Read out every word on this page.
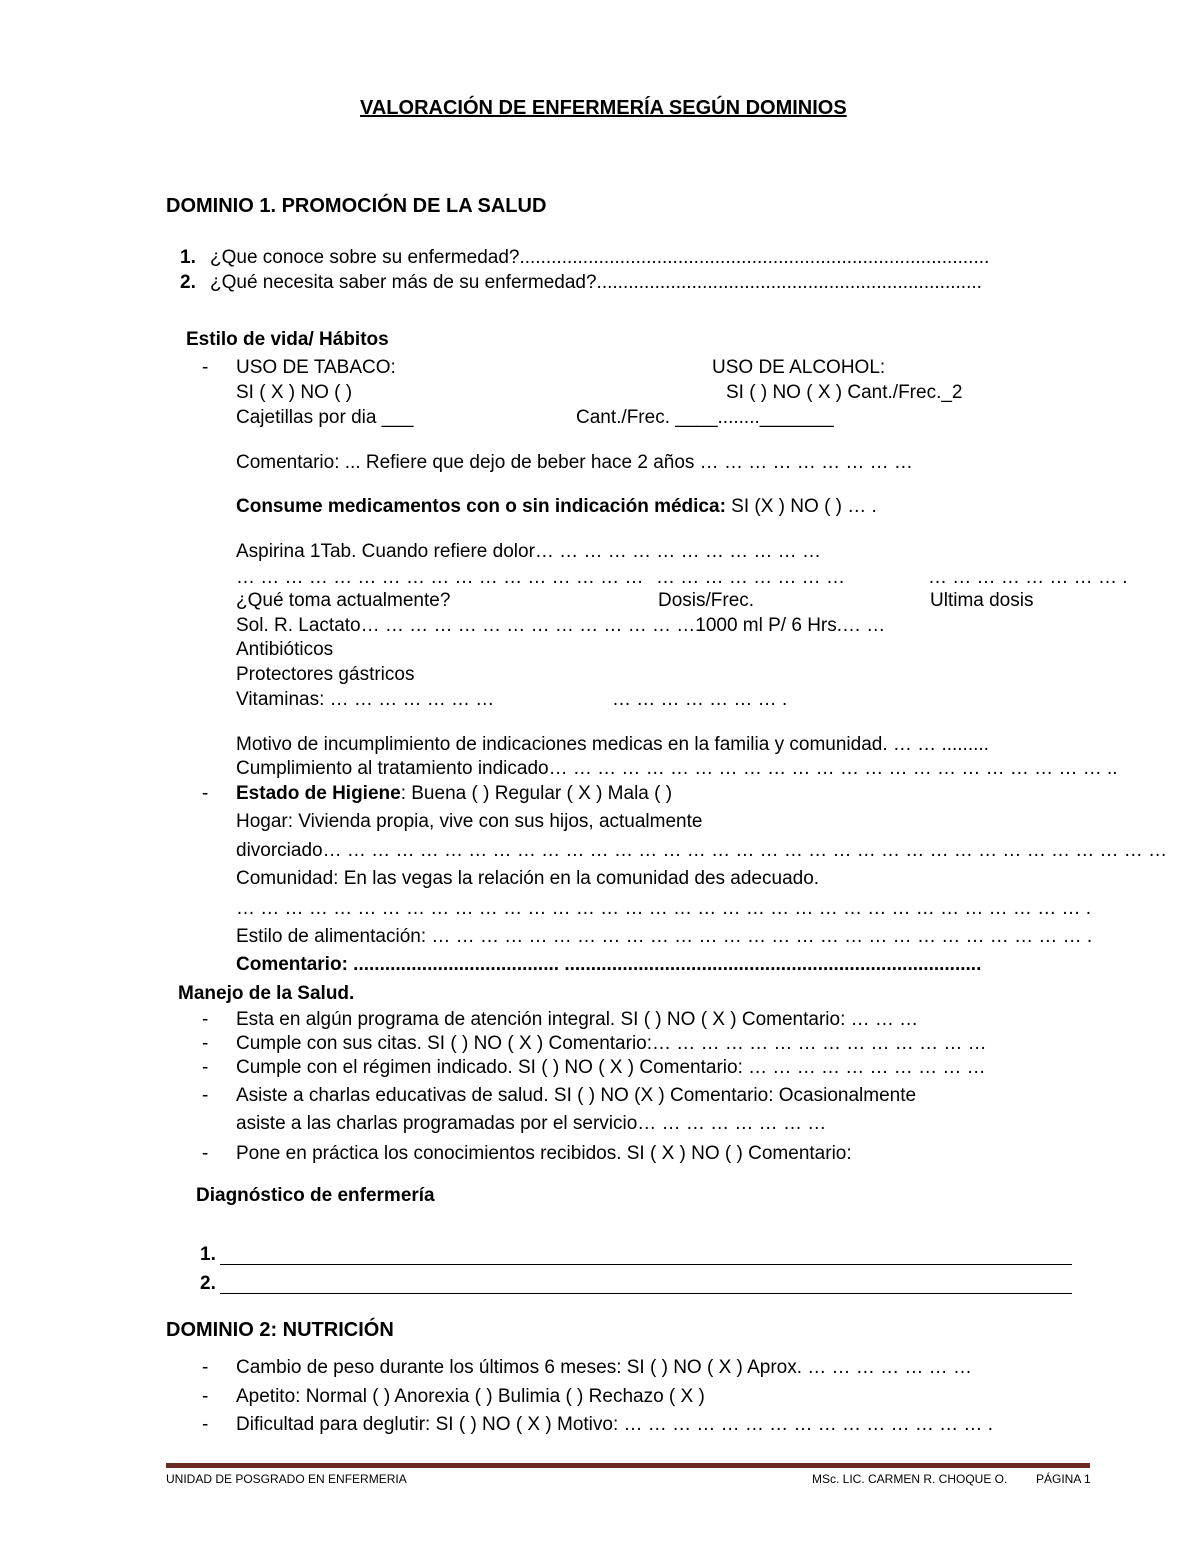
VALORACIÓN DE ENFERMERÍA SEGÚN DOMINIOS
DOMINIO 1. PROMOCIÓN DE LA SALUD
1. ¿Que conoce sobre su enfermedad?.........................................................................................
2. ¿Qué necesita saber más de su enfermedad?.........................................................................
Estilo de vida/ Hábitos
- USO DE TABACO:	USO DE ALCOHOL:
SI ( X ) NO ( )	SI ( ) NO ( X ) Cant./Frec._2
Cajetillas por dia ___	Cant./Frec. ____........_______
Comentario: ... Refiere que dejo de beber hace 2 años … … … … … … … … …
Consume medicamentos con o sin indicación médica: SI (X ) NO ( ) … .
Aspirina 1Tab. Cuando refiere dolor… … … … … … … … … … … …
… … … … … … … … … … … … … … … … … … … … … … … … …	… … … … … … … … .
¿Qué toma actualmente?	Dosis/Frec.	Ultima dosis
Sol. R. Lactato… … … … … … … … … … … … … …1000 ml P/ 6 Hrs.… …
Antibióticos
Protectores gástricos
Vitaminas: … … … … … … …	… … … … … … … .
Motivo de incumplimiento de indicaciones medicas en la familia y comunidad. … … .........
Cumplimiento al tratamiento indicado… … … … … … … … … … … … … … … … … … … … … … … ..
- Estado de Higiene: Buena ( ) Regular ( X ) Mala ( )
Hogar: Vivienda propia, vive con sus hijos, actualmente
divorciado… … … … … … … … … … … … … … … … … … … … … … … … … … … … … … … … … … …
Comunidad: En las vegas la relación en la comunidad des adecuado.
… … … … … … … … … … … … … … … … … … … … … … … … … … … … … … … … … … … .
Estilo de alimentación: … … … … … … … … … … … … … … … … … … … … … … … … … … … .
Comentario: ....................................... ...............................................................................
Manejo de la Salud.
- Esta en algún programa de atención integral. SI ( ) NO ( X ) Comentario: … … …
- Cumple con sus citas. SI ( ) NO ( X ) Comentario:… … … … … … … … … … … … … …
- Cumple con el régimen indicado. SI ( ) NO ( X ) Comentario: … … … … … … … … … …
- Asiste a charlas educativas de salud. SI ( ) NO (X ) Comentario: Ocasionalmente
asiste a las charlas programadas por el servicio… … … … … … … …
- Pone en práctica los conocimientos recibidos. SI ( X ) NO ( ) Comentario:
Diagnóstico de enfermería
1.
2.
DOMINIO 2: NUTRICIÓN
- Cambio de peso durante los últimos 6 meses: SI ( ) NO ( X ) Aprox. … … … … … … …
- Apetito: Normal ( ) Anorexia ( ) Bulimia ( ) Rechazo ( X )
- Dificultad para deglutir: SI ( ) NO ( X ) Motivo: … … … … … … … … … … … … … … … .
UNIDAD DE POSGRADO EN ENFERMERIA	MSc. LIC. CARMEN R. CHOQUE O. PÁGINA 1
